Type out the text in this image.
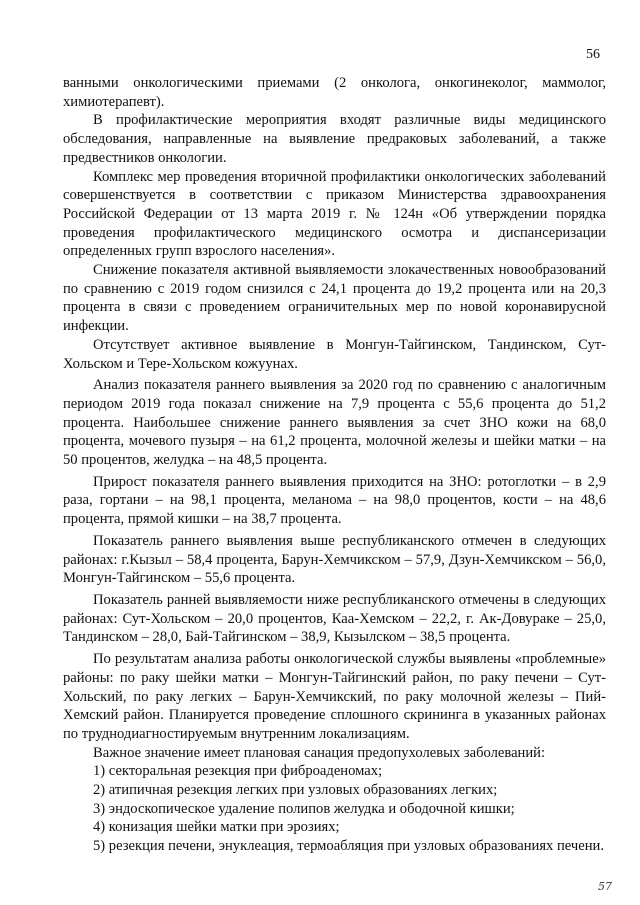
56

ванными онкологическими приемами (2 онколога, онкогинеколог, маммолог, химиотерапевт).

В профилактические мероприятия входят различные виды медицинского обследования, направленные на выявление предраковых заболеваний, а также предвестников онкологии.

Комплекс мер проведения вторичной профилактики онкологических заболеваний совершенствуется в соответствии с приказом Министерства здравоохранения Российской Федерации от 13 марта 2019 г. № 124н «Об утверждении порядка проведения профилактического медицинского осмотра и диспансеризации определенных групп взрослого населения».

Снижение показателя активной выявляемости злокачественных новообразований по сравнению с 2019 годом снизился с 24,1 процента до 19,2 процента или на 20,3 процента в связи с проведением ограничительных мер по новой коронавирусной инфекции.

Отсутствует активное выявление в Монгун-Тайгинском, Тандинском, Сут-Хольском и Тере-Хольском кожуунах.

Анализ показателя раннего выявления за 2020 год по сравнению с аналогичным периодом 2019 года показал снижение на 7,9 процента с 55,6 процента до 51,2 процента. Наибольшее снижение раннего выявления за счет ЗНО кожи на 68,0 процента, мочевого пузыря – на 61,2 процента, молочной железы и шейки матки – на 50 процентов, желудка – на 48,5 процента.

Прирост показателя раннего выявления приходится на ЗНО: ротоглотки – в 2,9 раза, гортани – на 98,1 процента, меланома – на 98,0 процентов, кости – на 48,6 процента, прямой кишки – на 38,7 процента.

Показатель раннего выявления выше республиканского отмечен в следующих районах: г.Кызыл – 58,4 процента, Барун-Хемчикском – 57,9, Дзун-Хемчикском – 56,0, Монгун-Тайгинском – 55,6 процента.

Показатель ранней выявляемости ниже республиканского отмечены в следующих районах: Сут-Хольском – 20,0 процентов, Каа-Хемском – 22,2, г. Ак-Довураке – 25,0, Тандинском – 28,0, Бай-Тайгинском – 38,9, Кызылском – 38,5 процента.

По результатам анализа работы онкологической службы выявлены «проблемные» районы: по раку шейки матки – Монгун-Тайгинский район, по раку печени – Сут-Хольский, по раку легких – Барун-Хемчикский, по раку молочной железы – Пий-Хемский район. Планируется проведение сплошного скрининга в указанных районах по труднодиагностируемым внутренним локализациям.

Важное значение имеет плановая санация предопухолевых заболеваний:

1) секторальная резекция при фиброаденомах;

2) атипичная резекция легких при узловых образованиях легких;

3) эндоскопическое удаление полипов желудка и ободочной кишки;

4) конизация шейки матки при эрозиях;

5) резекция печени, энуклеация, термоабляция при узловых образованиях печени.

57
